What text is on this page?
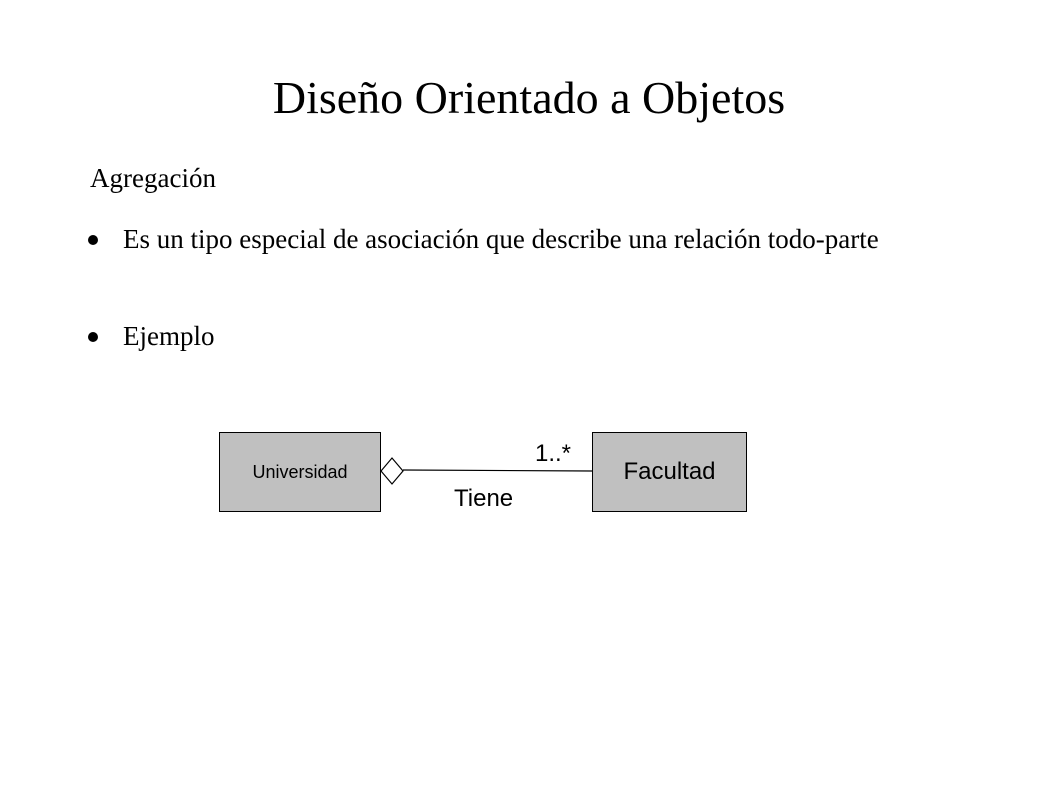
Diseño Orientado a Objetos
Agregación
Es un tipo especial de asociación que describe una relación todo-parte
Ejemplo
Universidad	Facultad
1..*
Tiene
